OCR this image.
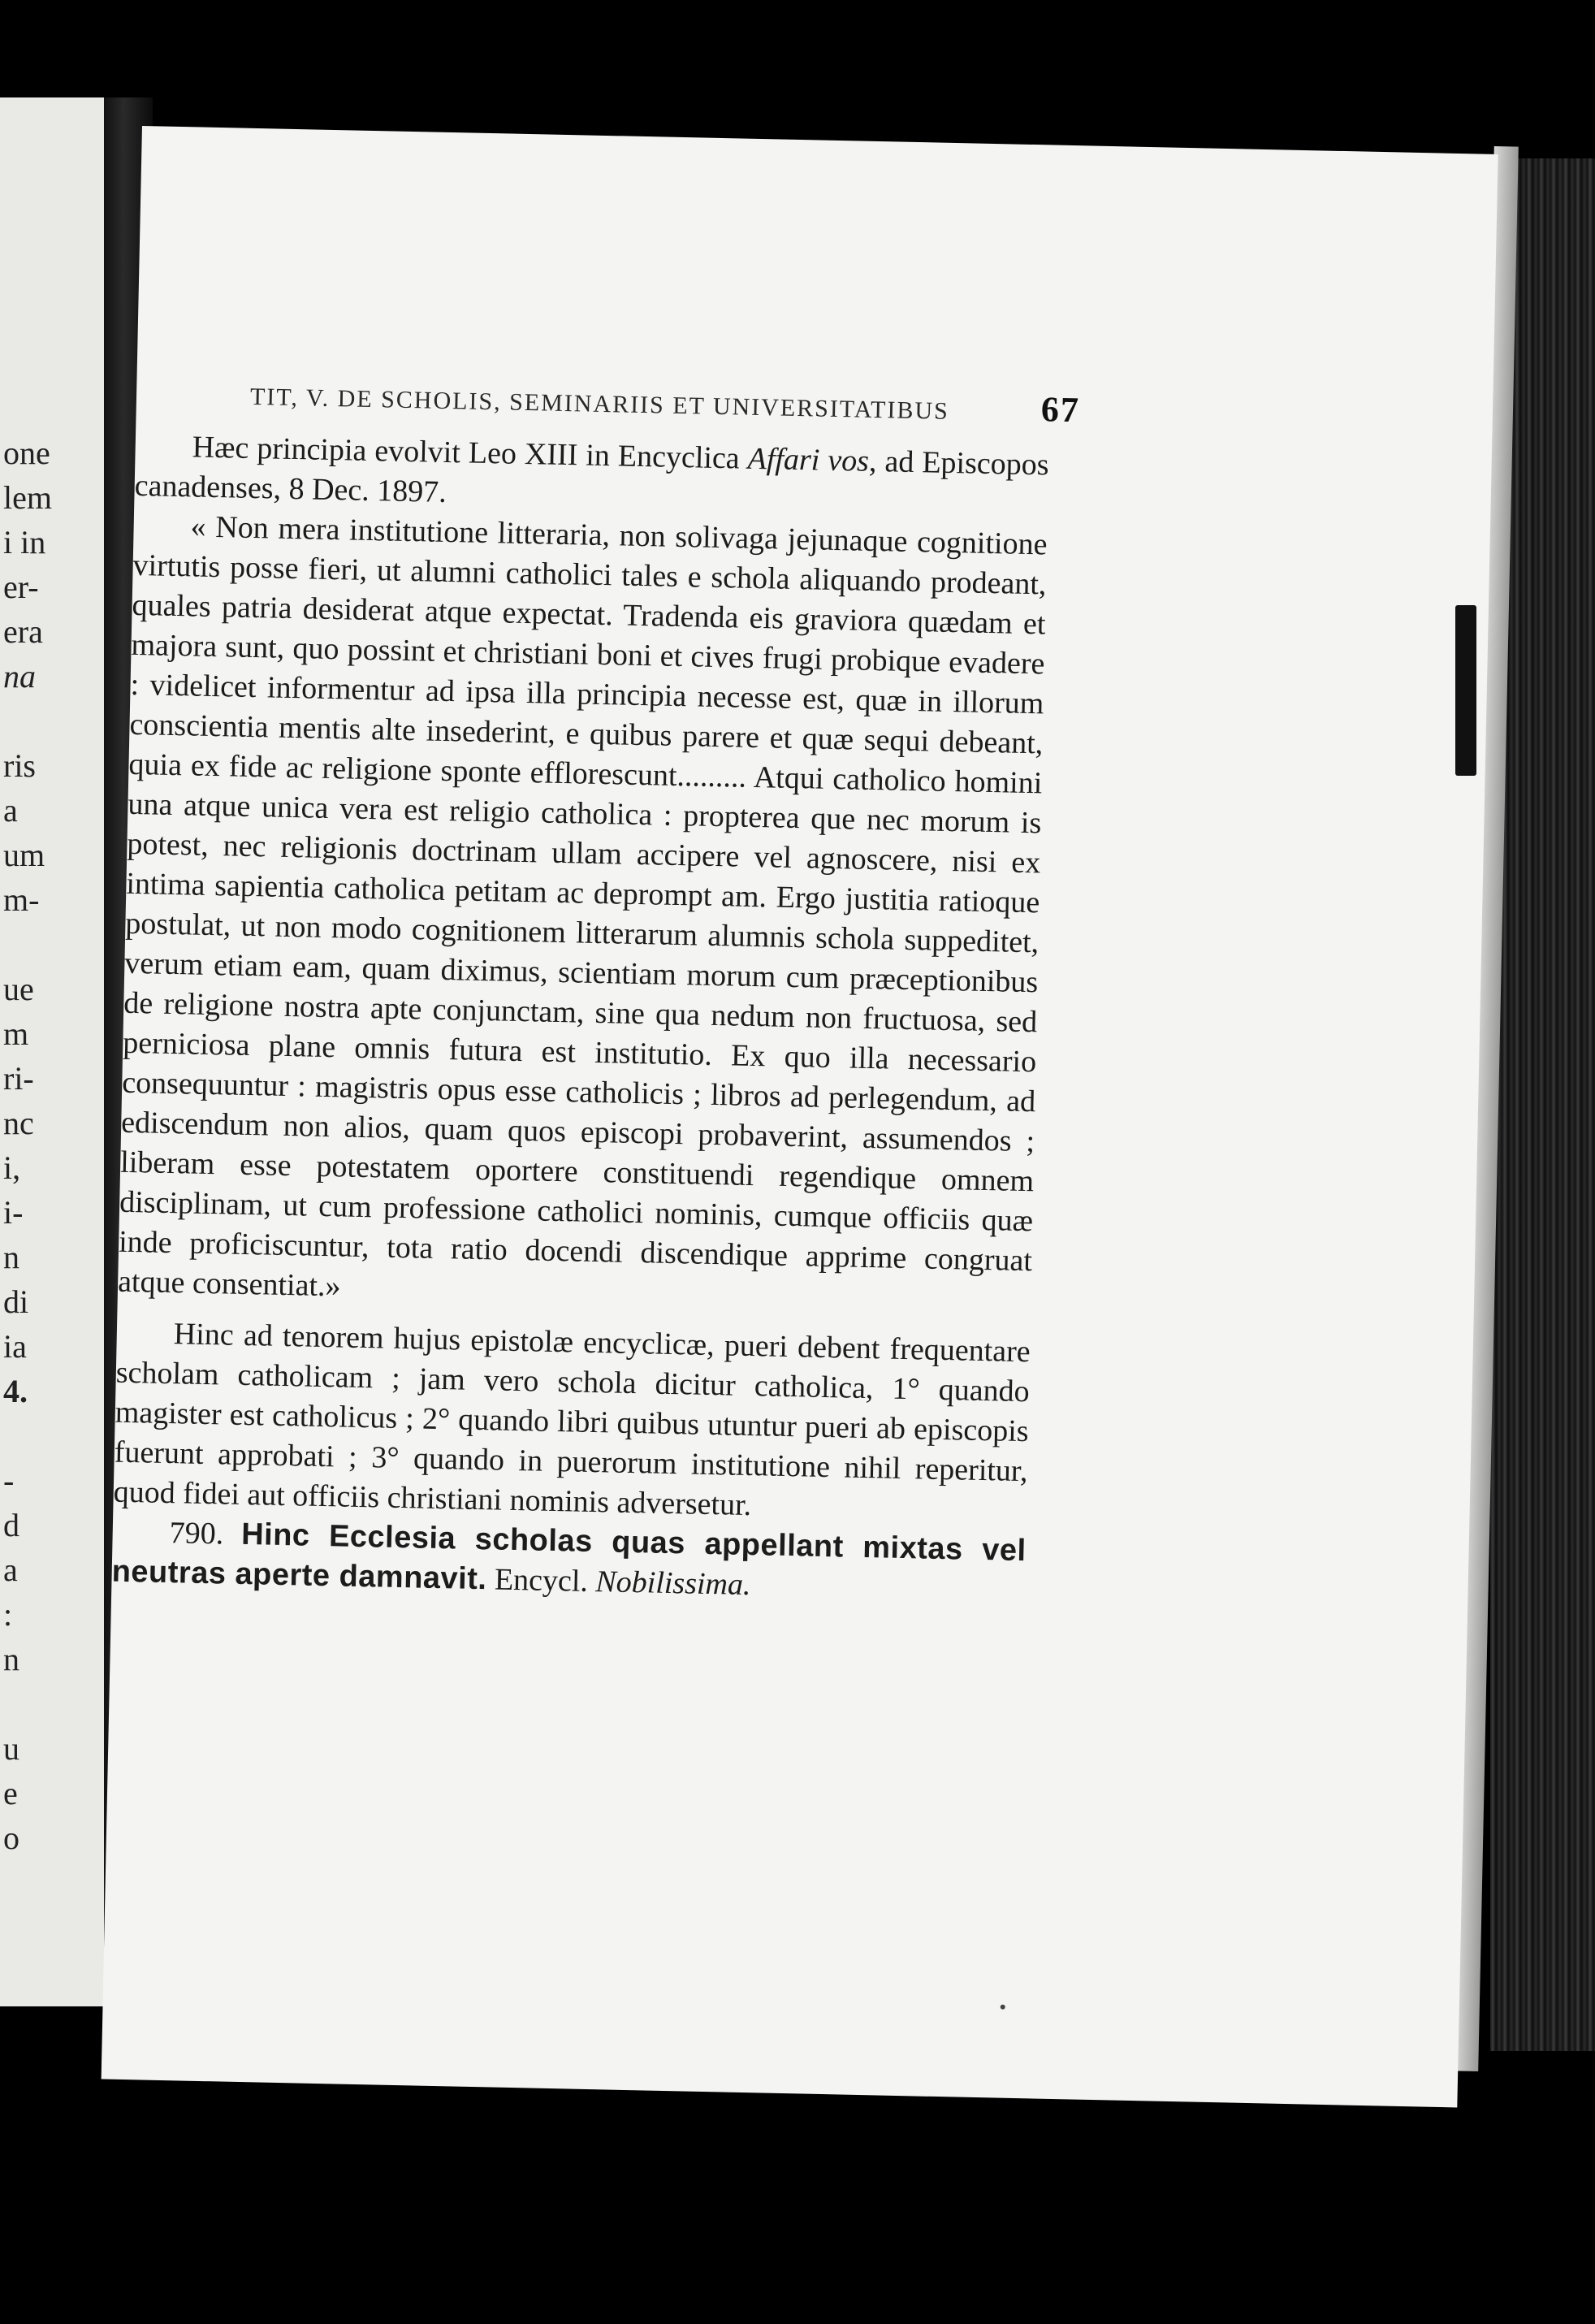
one
lem
i in
er-
era
na
ris
a
um
m-
ue
m
ri-
nc
i,
i-
n
di
ia
4.
-
d
a
:
n
u
e
o
TIT, V. DE SCHOLIS, SEMINARIIS ET UNIVERSITATIBUS	67

Hæc principia evolvit Leo XIII in Encyclica Affari vos, ad Episcopos canadenses, 8 Dec. 1897.

« Non mera institutione litteraria, non solivaga jejunaque cognitione virtutis posse fieri, ut alumni catholici tales e schola aliquando prodeant, quales patria desiderat atque expectat. Tradenda eis graviora quædam et majora sunt, quo possint et christiani boni et cives frugi probique evadere : videlicet informentur ad ipsa illa principia necesse est, quæ in illorum conscientia mentis alte insederint, e quibus parere et quæ sequi debeant, quia ex fide ac religione sponte efflorescunt......... Atqui catholico homini una atque unica vera est religio catholica : propterea que nec morum is potest, nec religionis doctrinam ullam accipere vel agnoscere, nisi ex intima sapientia catholica petitam ac deprompt am. Ergo justitia ratioque postulat, ut non modo cognitionem litterarum alumnis schola suppeditet, verum etiam eam, quam diximus, scientiam morum cum præceptionibus de religione nostra apte conjunctam, sine qua nedum non fructuosa, sed perniciosa plane omnis futura est institutio. Ex quo illa necessario consequuntur : magistris opus esse catholicis ; libros ad perlegendum, ad ediscendum non alios, quam quos episcopi probaverint, assumendos ; liberam esse potestatem oportere constituendi regendique omnem disciplinam, ut cum professione catholici nominis, cumque officiis quæ inde proficiscuntur, tota ratio docendi discendique apprime congruat atque consentiat.»

Hinc ad tenorem hujus epistolæ encyclicæ, pueri debent frequentare scholam catholicam ; jam vero schola dicitur catholica, 1° quando magister est catholicus ; 2° quando libri quibus utuntur pueri ab episcopis fuerunt approbati ; 3° quando in puerorum institutione nihil reperitur, quod fidei aut officiis christiani nominis adversetur.

790. Hinc Ecclesia scholas quas appellant mixtas vel neutras aperte damnavit. Encycl. Nobilissima.
